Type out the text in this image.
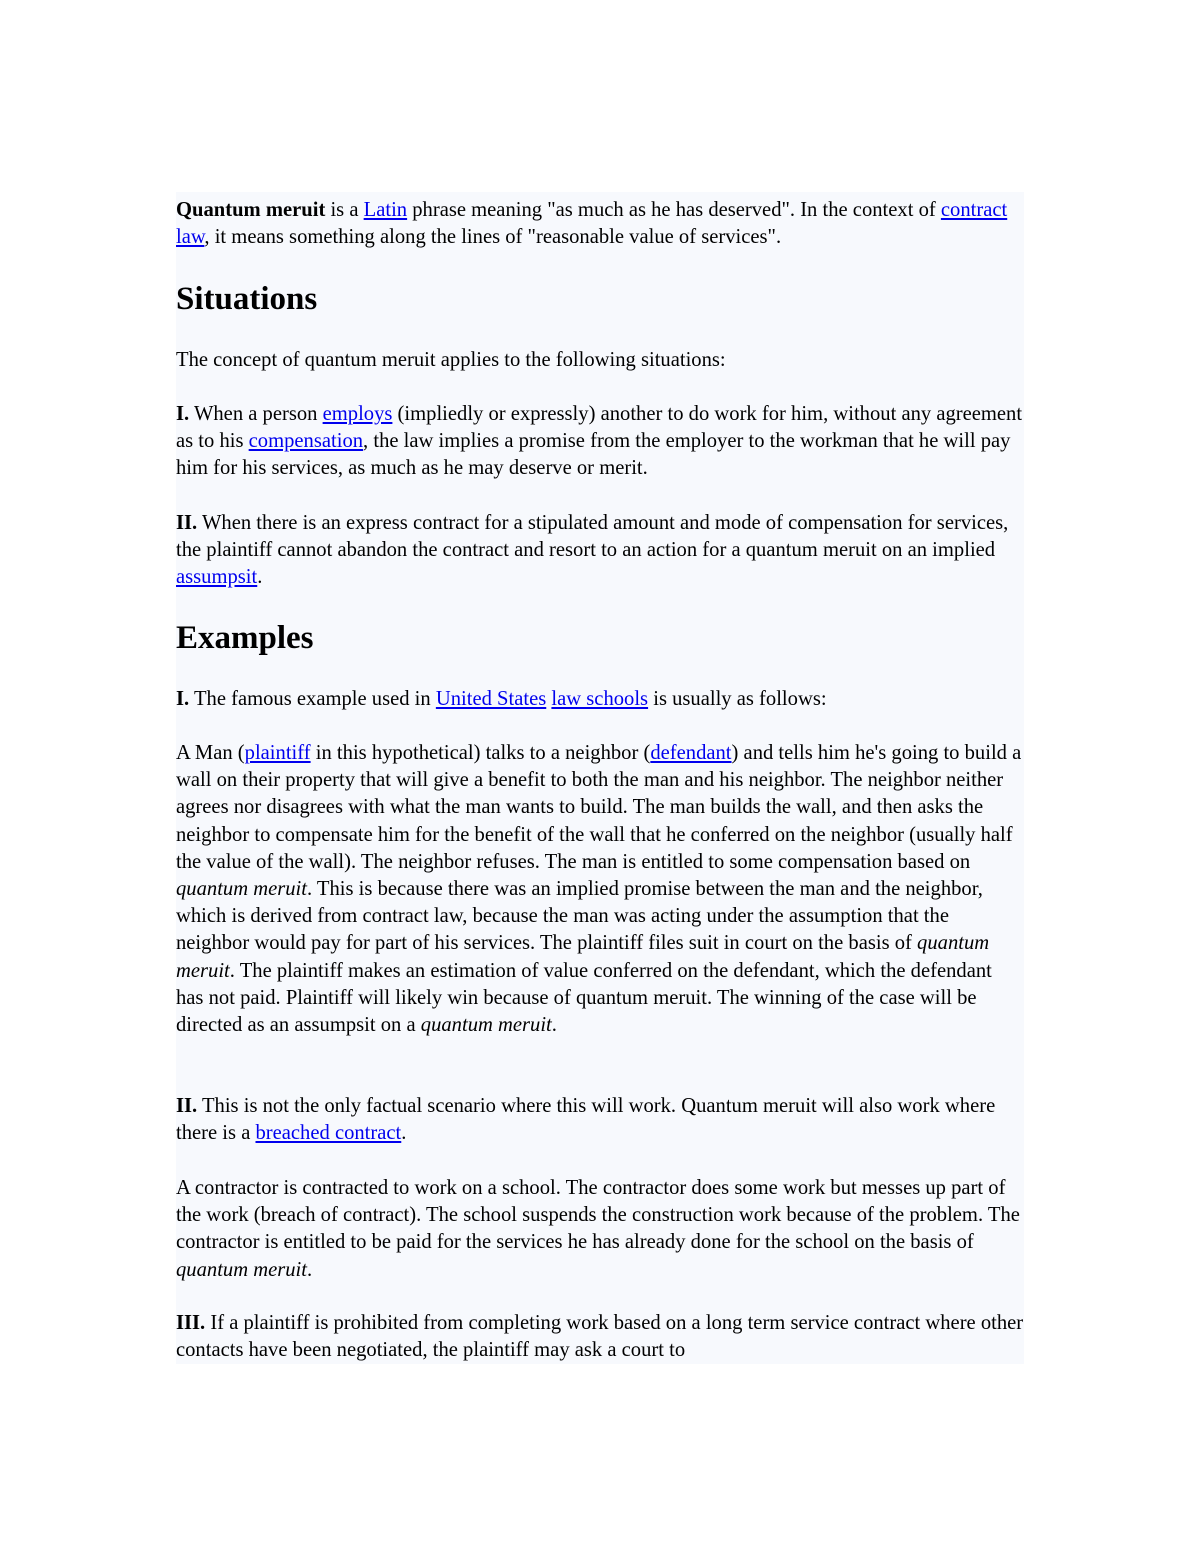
Quantum meruit is a Latin phrase meaning "as much as he has deserved". In the context of contract law, it means something along the lines of "reasonable value of services".

Situations

The concept of quantum meruit applies to the following situations:

I. When a person employs (impliedly or expressly) another to do work for him, without any agreement as to his compensation, the law implies a promise from the employer to the workman that he will pay him for his services, as much as he may deserve or merit.

II. When there is an express contract for a stipulated amount and mode of compensation for services, the plaintiff cannot abandon the contract and resort to an action for a quantum meruit on an implied assumpsit.

Examples

I. The famous example used in United States law schools is usually as follows:

A Man (plaintiff in this hypothetical) talks to a neighbor (defendant) and tells him he's going to build a wall on their property that will give a benefit to both the man and his neighbor. The neighbor neither agrees nor disagrees with what the man wants to build. The man builds the wall, and then asks the neighbor to compensate him for the benefit of the wall that he conferred on the neighbor (usually half the value of the wall). The neighbor refuses. The man is entitled to some compensation based on quantum meruit. This is because there was an implied promise between the man and the neighbor, which is derived from contract law, because the man was acting under the assumption that the neighbor would pay for part of his services. The plaintiff files suit in court on the basis of quantum meruit. The plaintiff makes an estimation of value conferred on the defendant, which the defendant has not paid. Plaintiff will likely win because of quantum meruit. The winning of the case will be directed as an assumpsit on a quantum meruit.

II. This is not the only factual scenario where this will work. Quantum meruit will also work where there is a breached contract.

A contractor is contracted to work on a school. The contractor does some work but messes up part of the work (breach of contract). The school suspends the construction work because of the problem. The contractor is entitled to be paid for the services he has already done for the school on the basis of quantum meruit.

III. If a plaintiff is prohibited from completing work based on a long term service contract where other contacts have been negotiated, the plaintiff may ask a court to
